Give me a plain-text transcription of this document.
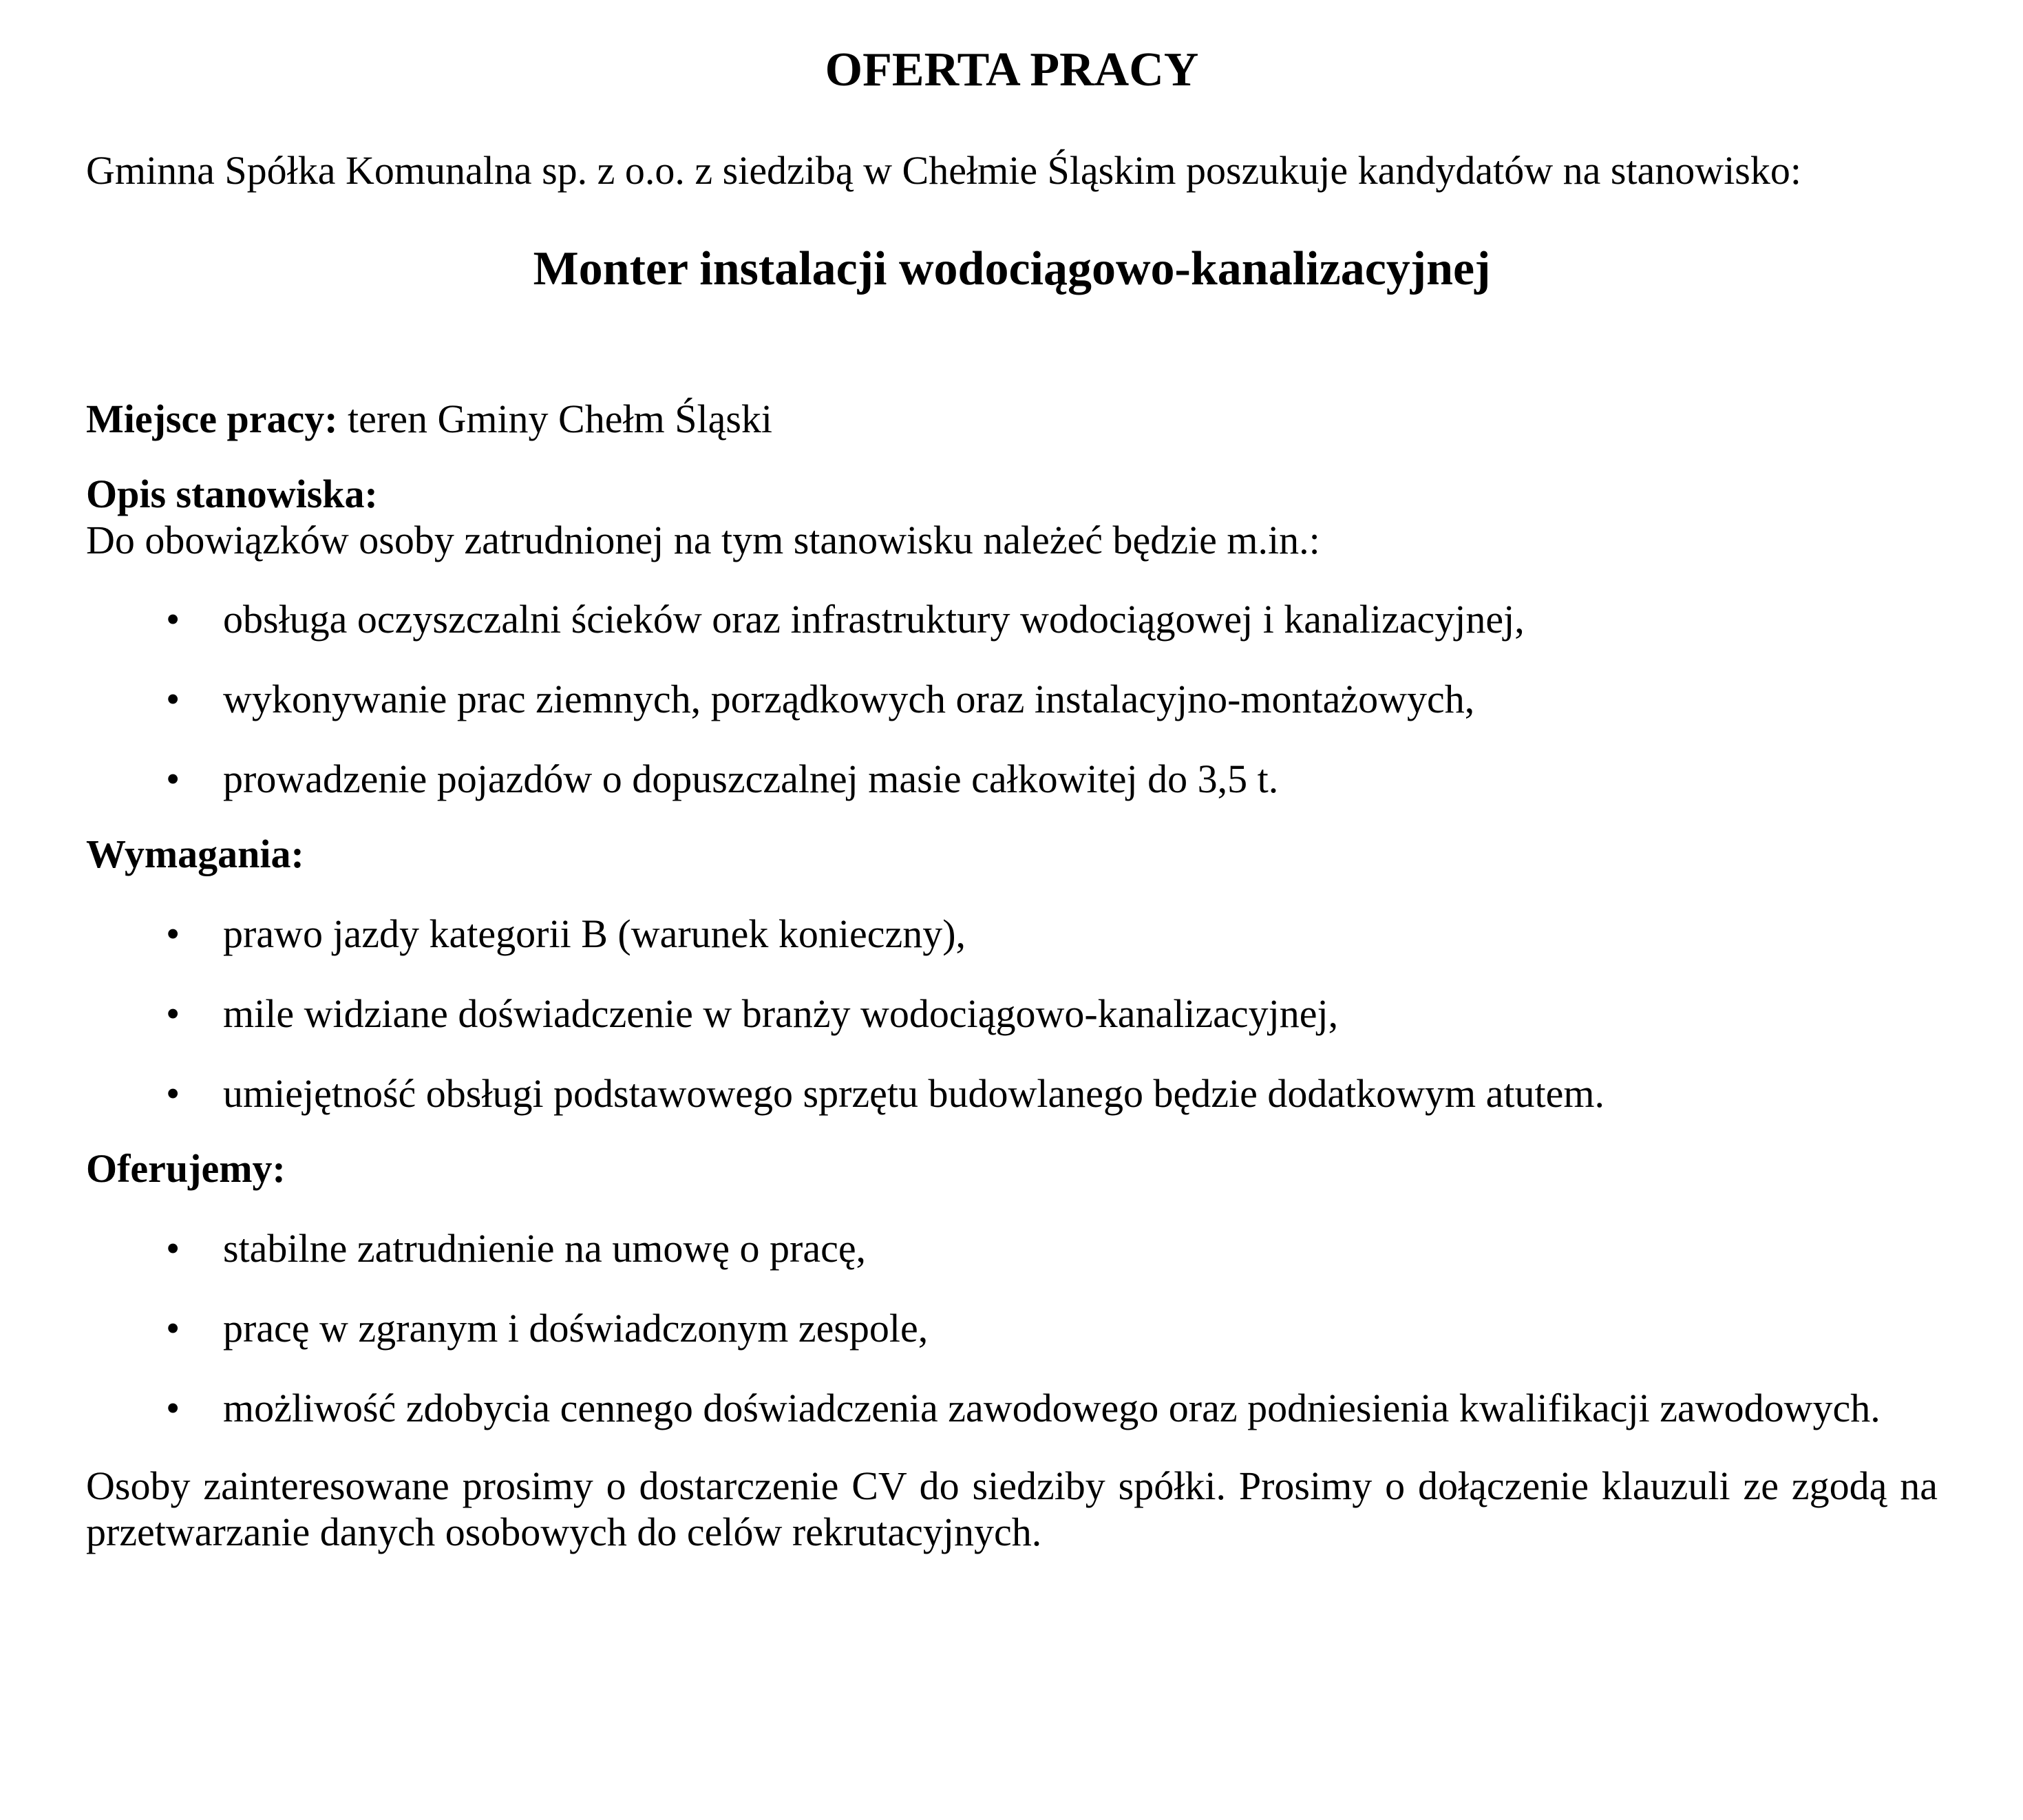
OFERTA PRACY

Gminna Spółka Komunalna sp. z o.o. z siedzibą w Chełmie Śląskim poszukuje kandydatów na stanowisko:

Monter instalacji wodociągowo-kanalizacyjnej

Miejsce pracy: teren Gminy Chełm Śląski

Opis stanowiska:
Do obowiązków osoby zatrudnionej na tym stanowisku należeć będzie m.in.:
• obsługa oczyszczalni ścieków oraz infrastruktury wodociągowej i kanalizacyjnej,
• wykonywanie prac ziemnych, porządkowych oraz instalacyjno-montażowych,
• prowadzenie pojazdów o dopuszczalnej masie całkowitej do 3,5 t.
Wymagania:
• prawo jazdy kategorii B (warunek konieczny),
• mile widziane doświadczenie w branży wodociągowo-kanalizacyjnej,
• umiejętność obsługi podstawowego sprzętu budowlanego będzie dodatkowym atutem.
Oferujemy:
• stabilne zatrudnienie na umowę o pracę,
• pracę w zgranym i doświadczonym zespole,
• możliwość zdobycia cennego doświadczenia zawodowego oraz podniesienia kwalifikacji zawodowych.

Osoby zainteresowane prosimy o dostarczenie CV do siedziby spółki. Prosimy o dołączenie klauzuli ze zgodą na przetwarzanie danych osobowych do celów rekrutacyjnych.
